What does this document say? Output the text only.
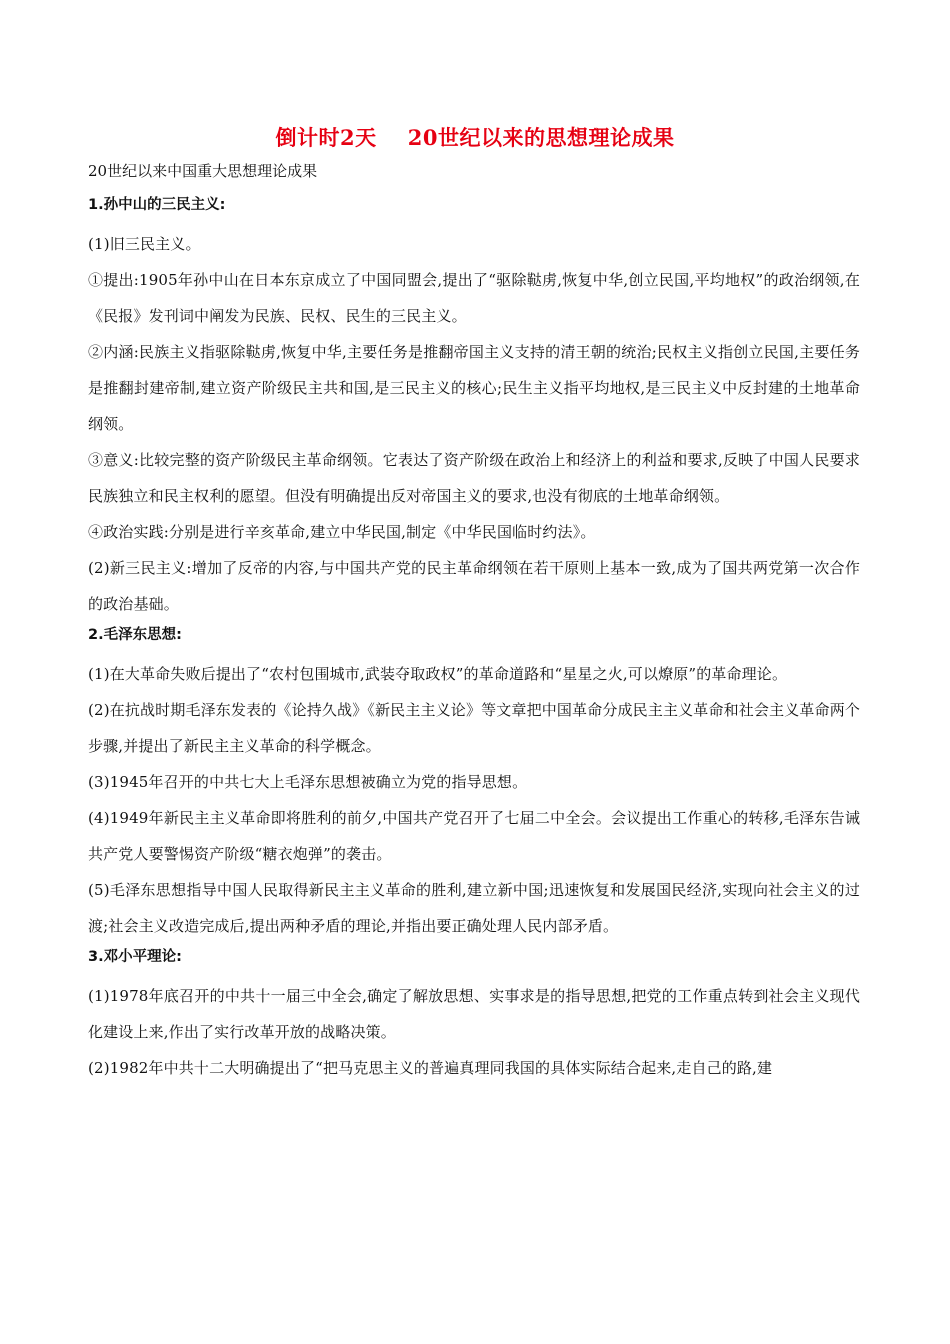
倒计时2天    20世纪以来的思想理论成果

20世纪以来中国重大思想理论成果

1.孙中山的三民主义:

(1)旧三民主义。

①提出:1905年孙中山在日本东京成立了中国同盟会,提出了“驱除鞑虏,恢复中华,创立民国,平均地权”的政治纲领,在《民报》发刊词中阐发为民族、民权、民生的三民主义。

②内涵:民族主义指驱除鞑虏,恢复中华,主要任务是推翻帝国主义支持的清王朝的统治;民权主义指创立民国,主要任务是推翻封建帝制,建立资产阶级民主共和国,是三民主义的核心;民生主义指平均地权,是三民主义中反封建的土地革命纲领。

③意义:比较完整的资产阶级民主革命纲领。它表达了资产阶级在政治上和经济上的利益和要求,反映了中国人民要求民族独立和民主权利的愿望。但没有明确提出反对帝国主义的要求,也没有彻底的土地革命纲领。

④政治实践:分别是进行辛亥革命,建立中华民国,制定《中华民国临时约法》。

(2)新三民主义:增加了反帝的内容,与中国共产党的民主革命纲领在若干原则上基本一致,成为了国共两党第一次合作的政治基础。

2.毛泽东思想:

(1)在大革命失败后提出了“农村包围城市,武装夺取政权”的革命道路和“星星之火,可以燎原”的革命理论。

(2)在抗战时期毛泽东发表的《论持久战》《新民主主义论》等文章把中国革命分成民主主义革命和社会主义革命两个步骤,并提出了新民主主义革命的科学概念。

(3)1945年召开的中共七大上毛泽东思想被确立为党的指导思想。

(4)1949年新民主主义革命即将胜利的前夕,中国共产党召开了七届二中全会。会议提出工作重心的转移,毛泽东告诫共产党人要警惕资产阶级“糖衣炮弹”的袭击。

(5)毛泽东思想指导中国人民取得新民主主义革命的胜利,建立新中国;迅速恢复和发展国民经济,实现向社会主义的过渡;社会主义改造完成后,提出两种矛盾的理论,并指出要正确处理人民内部矛盾。

3.邓小平理论:

(1)1978年底召开的中共十一届三中全会,确定了解放思想、实事求是的指导思想,把党的工作重点转到社会主义现代化建设上来,作出了实行改革开放的战略决策。

(2)1982年中共十二大明确提出了“把马克思主义的普遍真理同我国的具体实际结合起来,走自己的路,建
